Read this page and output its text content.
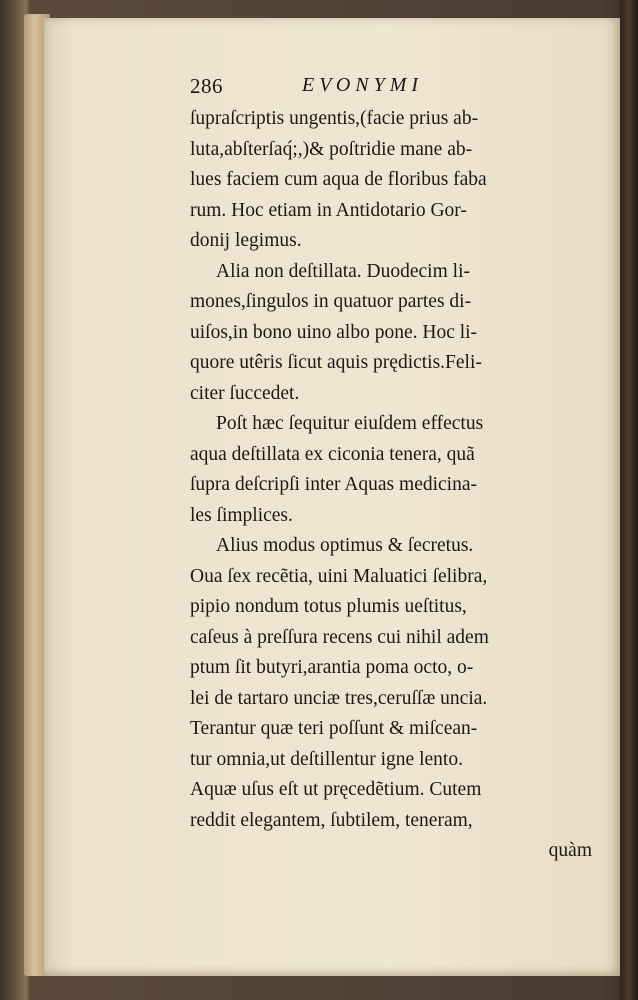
286	EVONYMI
ſupraſcriptis ungentis,(facie prius ab-
luta,abſterſaq́;,)& poſtridie mane ab-
lues faciem cum aqua de floribus faba
rum. Hoc etiam in Antidotario Gor-
donij legimus.
Alia non deſtillata. Duodecim li-
mones,ſingulos in quatuor partes di-
uiſos,in bono uino albo pone. Hoc li-
quore utêris ſicut aquis prędictis.Feli-
citer ſuccedet.
Poſt hæc ſequitur eiuſdem effectus
aqua deſtillata ex ciconia tenera, quã
ſupra deſcripſi inter Aquas medicina-
les ſimplices.
Alius modus optimus & ſecretus.
Oua ſex recẽtia, uini Maluatici ſelibra,
pipio nondum totus plumis ueſtitus,
caſeus à preſſura recens cui nihil adem
ptum ſit butyri,arantia poma octo, o-
lei de tartaro unciæ tres,ceruſſæ uncia.
Terantur quæ teri poſſunt & miſcean-
tur omnia,ut deſtillentur igne lento.
Aquæ uſus eſt ut pręcedẽtium. Cutem
reddit elegantem, ſubtilem, teneram,
quàm
